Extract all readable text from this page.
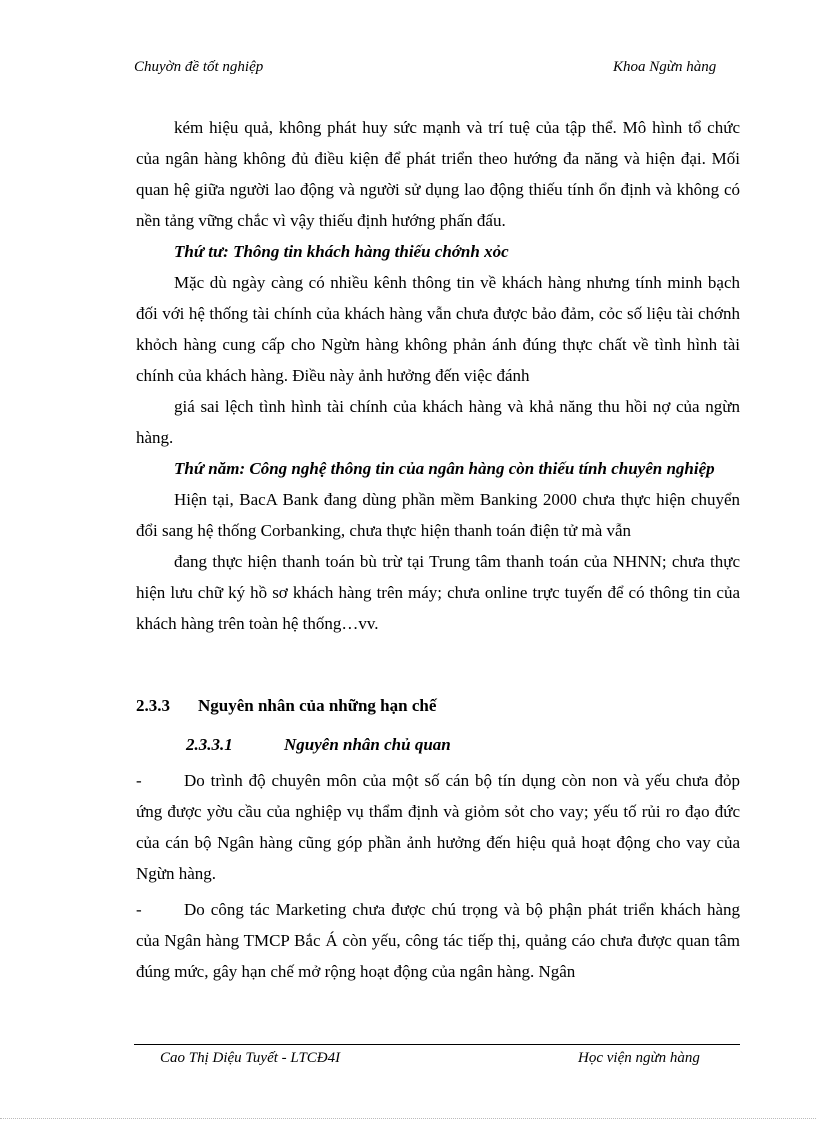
Chuyờn đề tốt nghiệp	Khoa Ngừn hàng

kém hiệu quả, không phát huy sức mạnh và trí tuệ của tập thể. Mô hình tổ chức của ngân hàng không đủ điều kiện để phát triển theo hướng đa năng và hiện đại. Mối quan hệ giữa người lao động và người sử dụng lao động thiếu tính ổn định và không có nền tảng vững chắc vì vậy thiếu định hướng phấn đấu.

Thứ tư: Thông tin khách hàng thiếu chớnh xỏc

Mặc dù ngày càng có nhiều kênh thông tin về khách hàng nhưng tính minh bạch đối với hệ thống tài chính của khách hàng vẫn chưa được bảo đảm, cỏc số liệu tài chớnh khỏch hàng cung cấp cho Ngừn hàng không phản ánh đúng thực chất về tình hình tài chính của khách hàng. Điều này ảnh hưởng đến việc đánh

giá sai lệch tình hình tài chính của khách hàng và khả năng thu hồi nợ của ngừn hàng.

Thứ năm: Công nghệ thông tin của ngân hàng còn thiếu tính chuyên nghiệp

Hiện tại, BacA Bank đang dùng phần mềm Banking 2000 chưa thực hiện chuyển đổi sang hệ thống Corbanking, chưa thực hiện thanh toán điện tử mà vẫn

đang thực hiện thanh toán bù trừ tại Trung tâm thanh toán của NHNN; chưa thực hiện lưu chữ ký hồ sơ khách hàng trên máy; chưa online trực tuyến để có thông tin của khách hàng trên toàn hệ thống…vv.

2.3.3 Nguyên nhân của những hạn chế
2.3.3.1	Nguyên nhân chủ quan

- Do trình độ chuyên môn của một số cán bộ tín dụng còn non và yếu chưa đỏp ứng được yờu cầu của nghiệp vụ thẩm định và giỏm sỏt cho vay; yếu tố rủi ro đạo đức của cán bộ Ngân hàng cũng góp phần ảnh hưởng đến hiệu quả hoạt động cho vay của Ngừn hàng.

- Do công tác Marketing chưa được chú trọng và bộ phận phát triển khách hàng của Ngân hàng TMCP Bắc Á còn yếu, công tác tiếp thị, quảng cáo chưa được quan tâm đúng mức, gây hạn chế mở rộng hoạt động của ngân hàng. Ngân

Cao Thị Diệu Tuyết - LTCĐ4I	Học viện ngừn hàng
